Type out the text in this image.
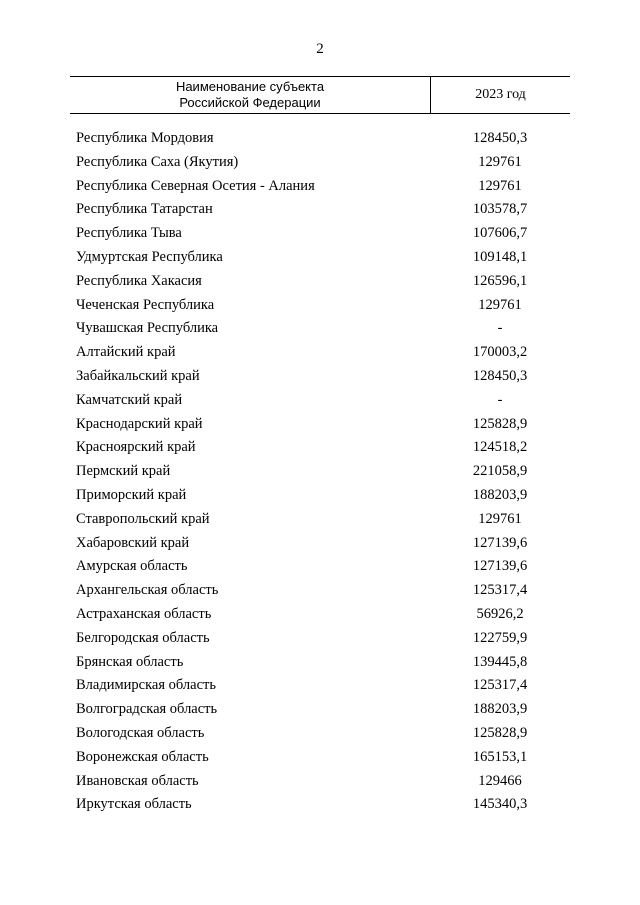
2
Наименование субъекта
Российской Федерации
2023 год
Республика Мордовия	128450,3
Республика Саха (Якутия)	129761
Республика Северная Осетия - Алания	129761
Республика Татарстан	103578,7
Республика Тыва	107606,7
Удмуртская Республика	109148,1
Республика Хакасия	126596,1
Чеченская Республика	129761
Чувашская Республика	-
Алтайский край	170003,2
Забайкальский край	128450,3
Камчатский край	-
Краснодарский край	125828,9
Красноярский край	124518,2
Пермский край	221058,9
Приморский край	188203,9
Ставропольский край	129761
Хабаровский край	127139,6
Амурская область	127139,6
Архангельская область	125317,4
Астраханская область	56926,2
Белгородская область	122759,9
Брянская область	139445,8
Владимирская область	125317,4
Волгоградская область	188203,9
Вологодская область	125828,9
Воронежская область	165153,1
Ивановская область	129466
Иркутская область	145340,3
